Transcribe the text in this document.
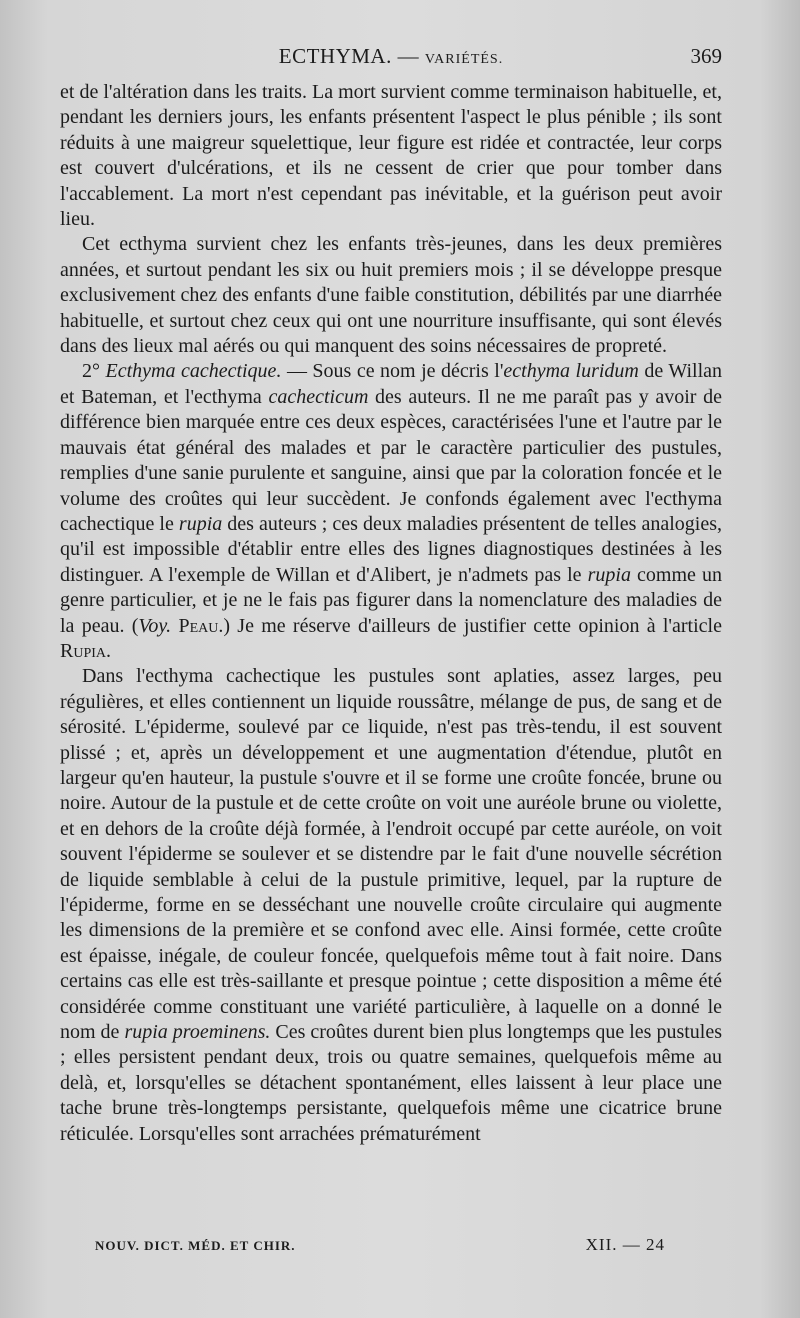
ECTHYMA. — VARIÉTÉS.	369

et de l'altération dans les traits. La mort survient comme terminaison habituelle, et, pendant les derniers jours, les enfants présentent l'aspect le plus pénible ; ils sont réduits à une maigreur squelettique, leur figure est ridée et contractée, leur corps est couvert d'ulcérations, et ils ne cessent de crier que pour tomber dans l'accablement. La mort n'est cependant pas inévitable, et la guérison peut avoir lieu.

Cet ecthyma survient chez les enfants très-jeunes, dans les deux premières années, et surtout pendant les six ou huit premiers mois ; il se développe presque exclusivement chez des enfants d'une faible constitution, débilités par une diarrhée habituelle, et surtout chez ceux qui ont une nourriture insuffisante, qui sont élevés dans des lieux mal aérés ou qui manquent des soins nécessaires de propreté.

2° Ecthyma cachectique. — Sous ce nom je décris l'ecthyma luridum de Willan et Bateman, et l'ecthyma cachecticum des auteurs. Il ne me paraît pas y avoir de différence bien marquée entre ces deux espèces, caractérisées l'une et l'autre par le mauvais état général des malades et par le caractère particulier des pustules, remplies d'une sanie purulente et sanguine, ainsi que par la coloration foncée et le volume des croûtes qui leur succèdent. Je confonds également avec l'ecthyma cachectique le rupia des auteurs ; ces deux maladies présentent de telles analogies, qu'il est impossible d'établir entre elles des lignes diagnostiques destinées à les distinguer. A l'exemple de Willan et d'Alibert, je n'admets pas le rupia comme un genre particulier, et je ne le fais pas figurer dans la nomenclature des maladies de la peau. (Voy. Peau.) Je me réserve d'ailleurs de justifier cette opinion à l'article Rupia.

Dans l'ecthyma cachectique les pustules sont aplaties, assez larges, peu régulières, et elles contiennent un liquide roussâtre, mélange de pus, de sang et de sérosité. L'épiderme, soulevé par ce liquide, n'est pas très-tendu, il est souvent plissé ; et, après un développement et une augmentation d'étendue, plutôt en largeur qu'en hauteur, la pustule s'ouvre et il se forme une croûte foncée, brune ou noire. Autour de la pustule et de cette croûte on voit une auréole brune ou violette, et en dehors de la croûte déjà formée, à l'endroit occupé par cette auréole, on voit souvent l'épiderme se soulever et se distendre par le fait d'une nouvelle sécrétion de liquide semblable à celui de la pustule primitive, lequel, par la rupture de l'épiderme, forme en se desséchant une nouvelle croûte circulaire qui augmente les dimensions de la première et se confond avec elle. Ainsi formée, cette croûte est épaisse, inégale, de couleur foncée, quelquefois même tout à fait noire. Dans certains cas elle est très-saillante et presque pointue ; cette disposition a même été considérée comme constituant une variété particulière, à laquelle on a donné le nom de rupia proeminens. Ces croûtes durent bien plus longtemps que les pustules ; elles persistent pendant deux, trois ou quatre semaines, quelquefois même au delà, et, lorsqu'elles se détachent spontanément, elles laissent à leur place une tache brune très-longtemps persistante, quelquefois même une cicatrice brune réticulée. Lorsqu'elles sont arrachées prématurément

NOUV. DICT. MÉD. ET CHIR.	XII. — 24
